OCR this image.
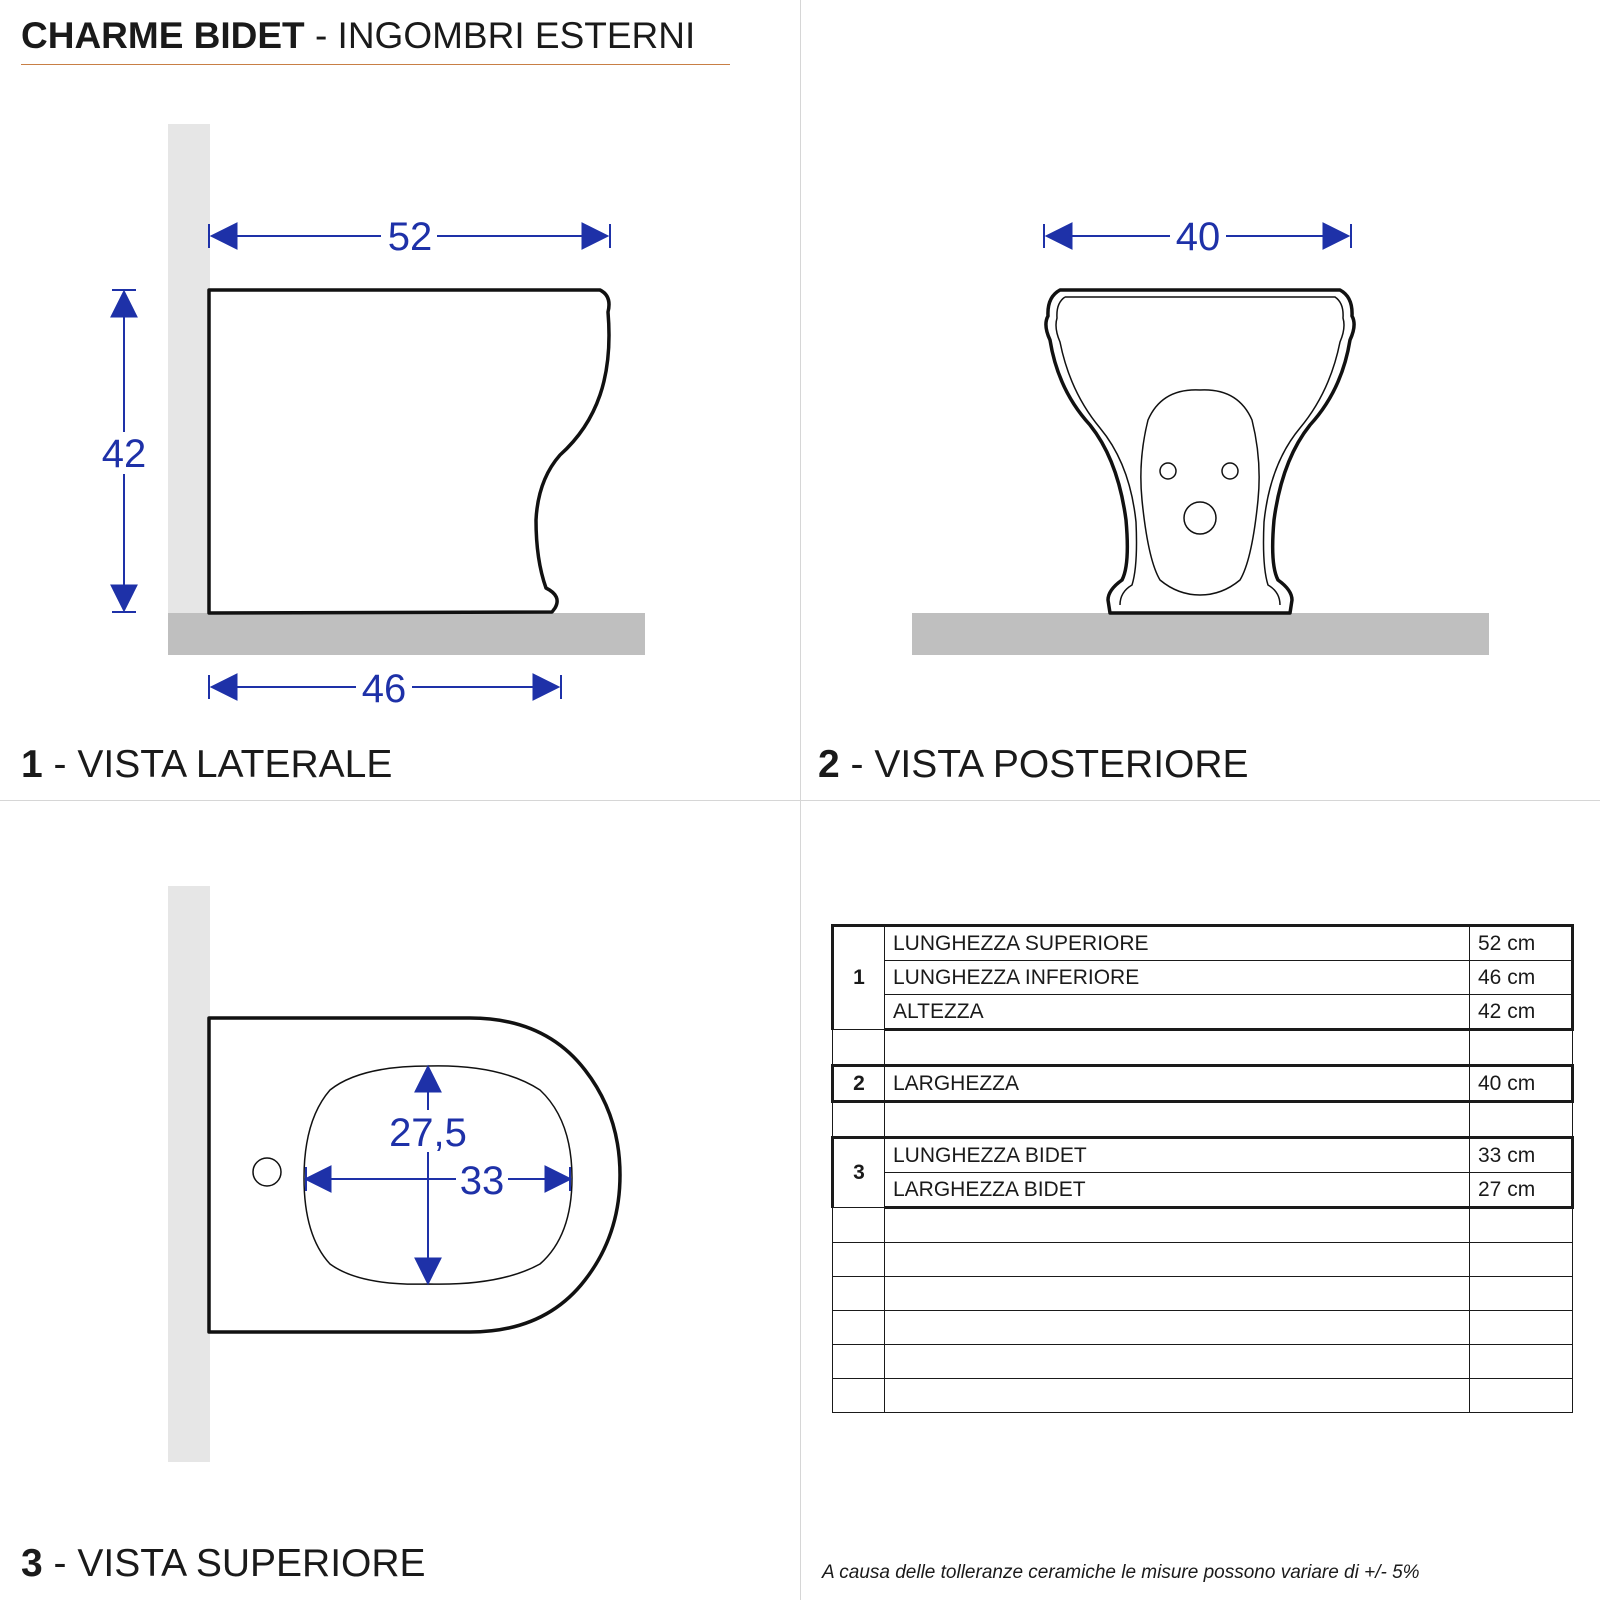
CHARME BIDET - INGOMBRI ESTERNI
52
42
46
40
27,5
33
1 - VISTA LATERALE	2 - VISTA POSTERIORE
3 - VISTA SUPERIORE
1	LUNGHEZZA SUPERIORE	52 cm
	LUNGHEZZA INFERIORE	46 cm
	ALTEZZA	42 cm

2	LARGHEZZA	40 cm

3	LUNGHEZZA BIDET	33 cm
	LARGHEZZA BIDET	27 cm

A causa delle tolleranze ceramiche le misure possono variare di +/- 5%
